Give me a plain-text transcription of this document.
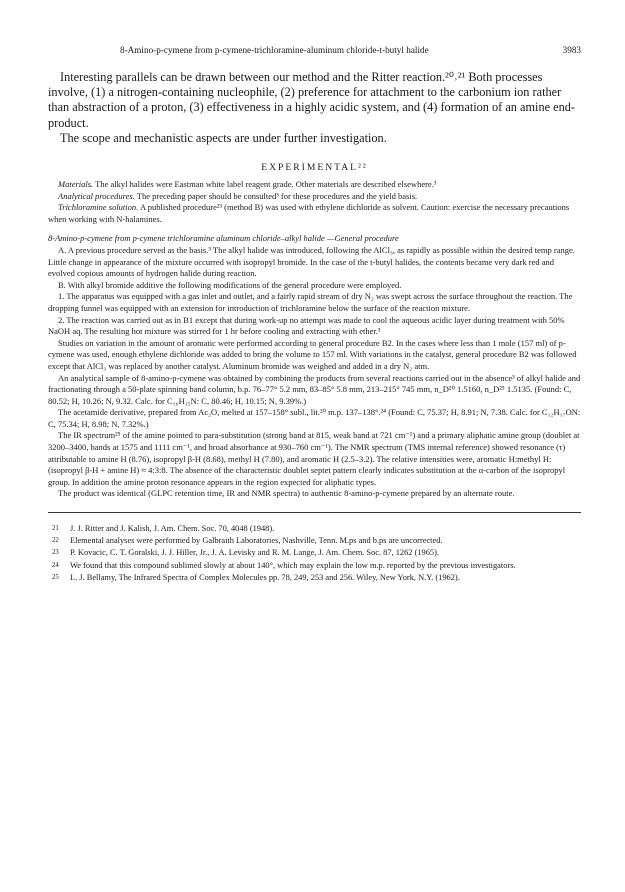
8-Amino-p-cymene from p-cymene-trichloramine-aluminum chloride-t-butyl halide	3983

Interesting parallels can be drawn between our method and the Ritter reaction.²⁰˒²¹ Both processes involve, (1) a nitrogen-containing nucleophile, (2) preference for attachment to the carbonium ion rather than abstraction of a proton, (3) effectiveness in a highly acidic system, and (4) formation of an amine end-product.

The scope and mechanistic aspects are under further investigation.

EXPERIMENTAL²²

Materials. The alkyl halides were Eastman white label reagent grade. Other materials are described elsewhere.³

Analytical procedures. The preceding paper should be consulted³ for these procedures and the yield basis.

Trichloramine solution. A published procedure²³ (method B) was used with ethylene dichloride as solvent. Caution: exercise the necessary precautions when working with N-halamines.

8-Amino-p-cymene from p-cymene trichloramine aluminum chloride–alkyl halide —General procedure

A. A previous procedure served as the basis.³ The alkyl halide was introduced, following the AlCl₃, as rapidly as possible within the desired temp range. Little change in appearance of the mixture occurred with isopropyl bromide. In the case of the t-butyl halides, the contents became very dark red and evolved copious amounts of hydrogen halide during reaction.

B. With alkyl bromide additive the following modifications of the general procedure were employed.

1. The apparatus was equipped with a gas inlet and outlet, and a fairly rapid stream of dry N₂ was swept across the surface throughout the reaction. The dropping funnel was equipped with an extension for introduction of trichloramine below the surface of the reaction mixture.

2. The reaction was carried out as in B1 except that during work-up no attempt was made to cool the aqueous acidic layer during treatment with 50% NaOH aq. The resulting hot mixture was stirred for 1 hr before cooling and extracting with ether.³

Studies on variation in the amount of aromatic were performed according to general procedure B2. In the cases where less than 1 mole (157 ml) of p-cymene was used, enough ethylene dichloride was added to bring the volume to 157 ml. With variations in the catalyst, general procedure B2 was followed except that AlCl₃ was replaced by another catalyst. Aluminum bromide was weighed and added in a dry N₂ atm.

An analytical sample of 8-amino-p-cymene was obtained by combining the products from several reactions carried out in the absence³ of alkyl halide and fractionating through a 50-plate spinning band column, b.p. 76–77° 5.2 mm, 83–85° 5.8 mm, 213–215° 745 mm, n_D²⁰ 1.5160, n_D²⁵ 1.5135. (Found: C, 80.52; H, 10.26; N, 9.32. Calc. for C₁₀H₁₅N: C, 80.46; H, 10.15; N, 9.39%.)

The acetamide derivative, prepared from Ac₂O, melted at 157–158° subl., lit.²⁰ m.p. 137–138°.²⁴ (Found: C, 75.37; H, 8.91; N, 7.38. Calc. for C₁₂H₁₇ON: C, 75.34; H, 8.98; N, 7.32%.)

The IR spectrum²⁵ of the amine pointed to para-substitution (strong band at 815, weak band at 721 cm⁻¹) and a primary aliphatic amine group (doublet at 3200–3400, bands at 1575 and 1111 cm⁻¹, and broad absorbance at 930–760 cm⁻¹). The NMR spectrum (TMS internal reference) showed resonance (τ) attributable to amine H (8.76), isopropyl β-H (8.68), methyl H (7.80), and aromatic H (2.5–3.2). The relative intensities were, aromatic H:methyl H:(isopropyl β-H + amine H) ≈ 4:3:8. The absence of the characteristic doublet septet pattern clearly indicates substitution at the α-carbon of the isopropyl group. In addition the amine proton resonance appears in the region expected for aliphatic types.

The product was identical (GLPC retention time, IR and NMR spectra) to authentic 8-amino-p-cymene prepared by an alternate route.

21	J. J. Ritter and J. Kalish, J. Am. Chem. Soc. 70, 4048 (1948).
22	Elemental analyses were performed by Galbraith Laboratories, Nashville, Tenn. M.ps and b.ps are uncorrected.
23	P. Kovacic, C. T. Goralski, J. J. Hiller, Jr., J. A. Levisky and R. M. Lange, J. Am. Chem. Soc. 87, 1262 (1965).
24	We found that this compound sublimed slowly at about 140°, which may explain the low m.p. reported by the previous investigators.
25	L. J. Bellamy, The Infrared Spectra of Complex Molecules pp. 78, 249, 253 and 256. Wiley, New York, N.Y. (1962).
